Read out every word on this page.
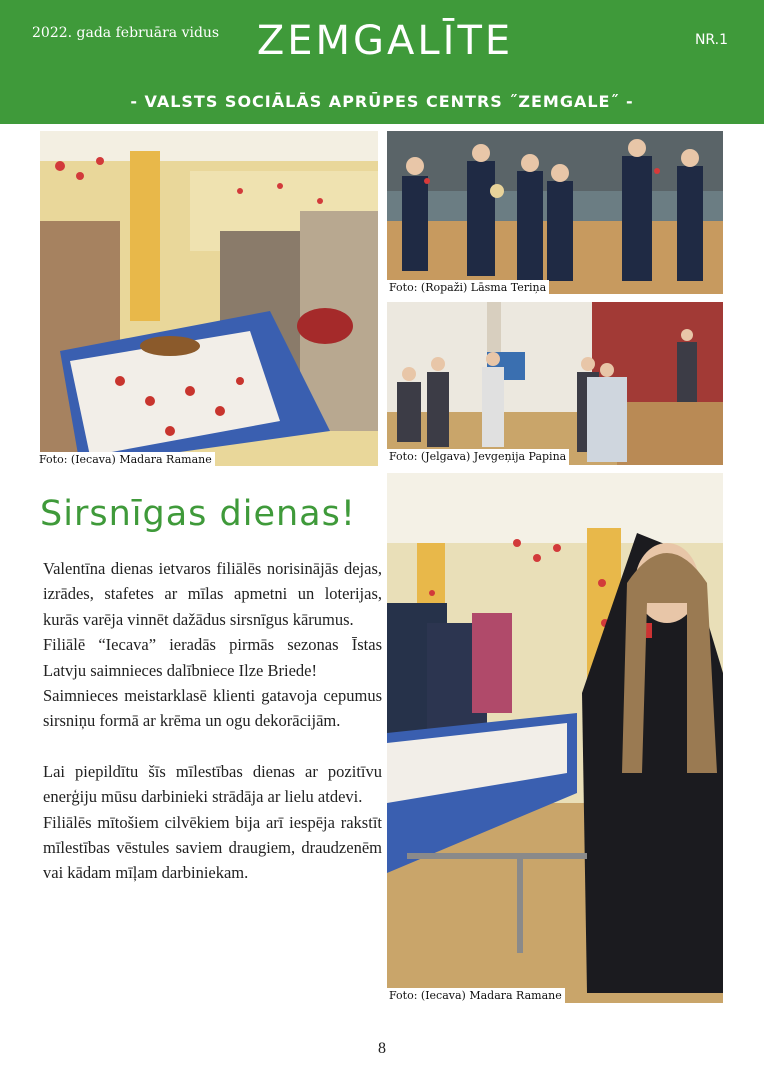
2022. gada februāra vidus ZEMGALĪTE	NR.1
- VALSTS SOCIĀLĀS APRŪPES CENTRS ˝ZEMGALE˝ -
Foto: (Iecava) Madara Ramane
Foto: (Ropaži) Lāsma Teriņa
Foto: (Jelgava) Jevgeņija Papina
Foto: (Iecava) Madara Ramane
Sirsnīgas dienas!

Valentīna dienas ietvaros filiālēs norisinājās dejas, izrādes, stafetes ar mīlas apmetni un loterijas, kurās varēja vinnēt dažādus sirsnīgus kārumus.

Filiālē “Iecava” ieradās pirmās sezonas Īstas Latvju saimnieces dalībniece Ilze Briede!

Saimnieces meistarklasē klienti gatavoja cepumus sirsniņu formā ar krēma un ogu dekorācijām.

Lai piepildītu šīs mīlestības dienas ar pozitīvu enerģiju mūsu darbinieki strādāja ar lielu atdevi.

Filiālēs mītošiem cilvēkiem bija arī iespēja rakstīt mīlestības vēstules saviem draugiem, draudzenēm vai kādam mīļam darbiniekam.

8
